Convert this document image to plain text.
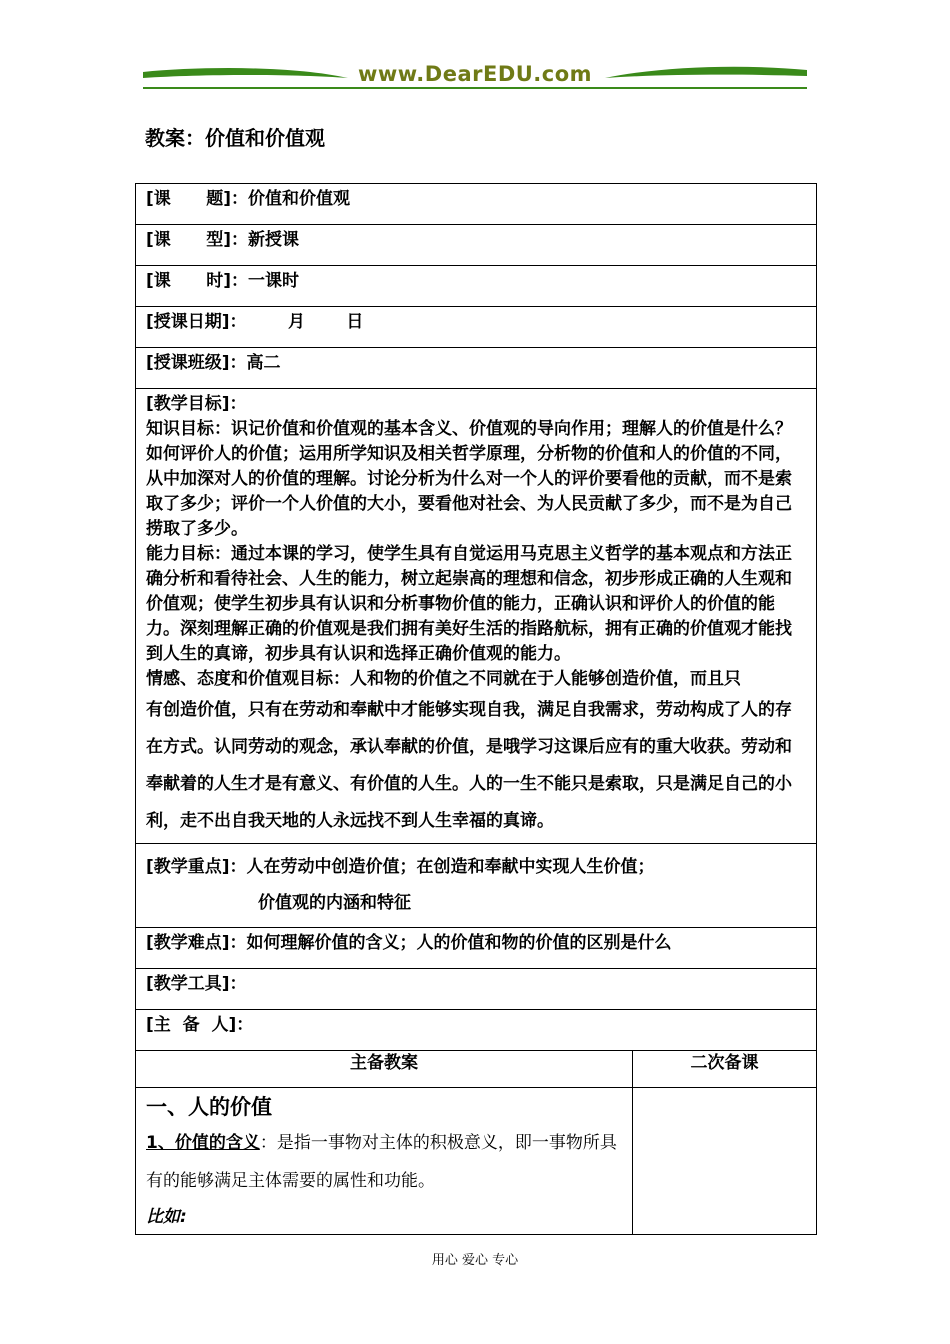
www.DearEDU.com
教案：价值和价值观
[课      题]：价值和价值观	
[课      型]：新授课	
[课      时]：一课时	
[授课日期]：       月       日	
[授课班级]：高二	

[教学目标]：
知识目标：识记价值和价值观的基本含义、价值观的导向作用；理解人的价值是什么？如何评价人的价值；运用所学知识及相关哲学原理，分析物的价值和人的价值的不同，从中加深对人的价值的理解。讨论分析为什么对一个人的评价要看他的贡献，而不是索取了多少；评价一个人价值的大小，要看他对社会、为人民贡献了多少，而不是为自己捞取了多少。
能力目标：通过本课的学习，使学生具有自觉运用马克思主义哲学的基本观点和方法正确分析和看待社会、人生的能力，树立起崇高的理想和信念，初步形成正确的人生观和价值观；使学生初步具有认识和分析事物价值的能力，正确认识和评价人的价值的能力。深刻理解正确的价值观是我们拥有美好生活的指路航标，拥有正确的价值观才能找到人生的真谛，初步具有认识和选择正确价值观的能力。
情感、态度和价值观目标：人和物的价值之不同就在于人能够创造价值，而且只
有创造价值，只有在劳动和奉献中才能够实现自我，满足自我需求，劳动构成了人的存在方式。认同劳动的观念，承认奉献的价值，是哦学习这课后应有的重大收获。劳动和奉献着的人生才是有意义、有价值的人生。人的一生不能只是索取，只是满足自己的小利，走不出自我天地的人永远找不到人生幸福的真谛。	

[教学重点]：人在劳动中创造价值；在创造和奉献中实现人生价值；
价值观的内涵和特征	

[教学难点]：如何理解价值的含义；人的价值和物的价值的区别是什么	
[教学工具]：	
[主  备  人]：	
主备教案	二次备课

一、人的价值
1、价值的含义：是指一事物对主体的积极意义，即一事物所具有的能够满足主体需要的属性和功能。
比如:	

用心 爱心 专心
